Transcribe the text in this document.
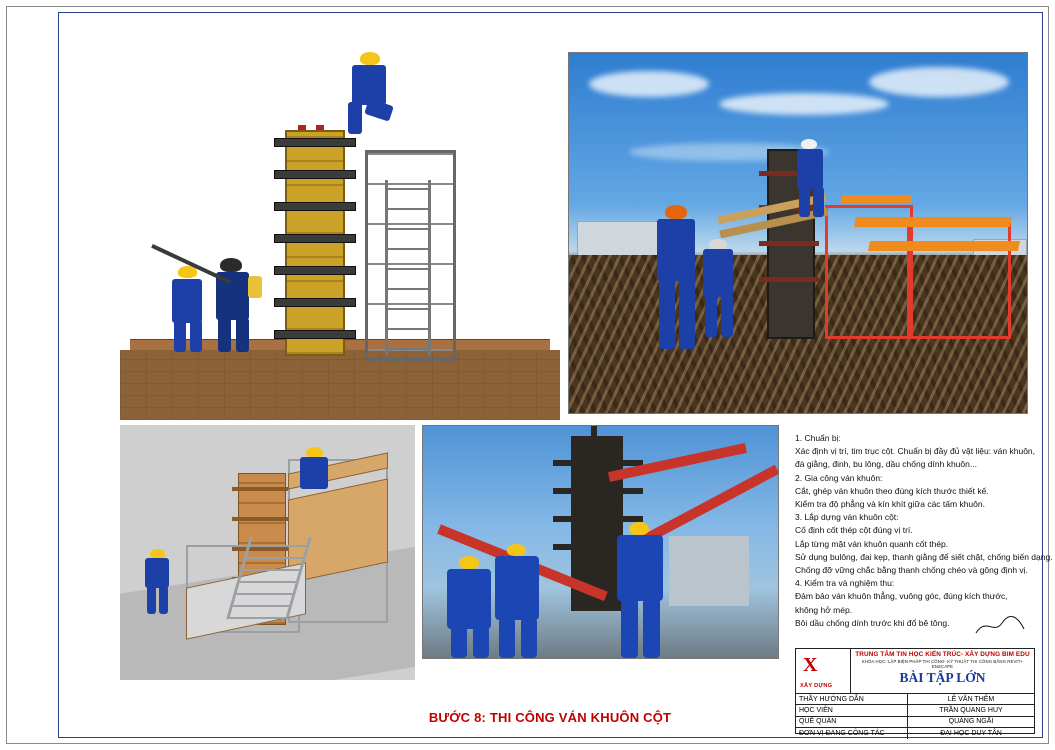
1. Chuẩn bị:
Xác định vị trí, tim trục cột. Chuẩn bị đầy đủ vật liệu: ván khuôn,
đà giằng, đinh, bu lông, dầu chống dính khuôn...
2. Gia công ván khuôn:
Cắt, ghép ván khuôn theo đúng kích thước thiết kế.
Kiểm tra độ phẳng và kín khít giữa các tấm khuôn.
3. Lắp dựng ván khuôn cột:
Cố định cốt thép cột đúng vị trí.
Lắp từng mặt ván khuôn quanh cốt thép.
Sử dụng bulông, đai kẹp, thanh giằng để siết chặt, chống biến dạng.
Chống đỡ vững chắc bằng thanh chống chéo và gông định vị.
4. Kiểm tra và nghiệm thu:
Đảm bảo ván khuôn thẳng, vuông góc, đúng kích thước,
không hở mép.
Bôi dầu chống dính trước khi đổ bê tông.
BƯỚC 8: THI CÔNG VÁN KHUÔN CỘT
X
XÂY DỰNG
TRUNG TÂM TIN HỌC KIẾN TRÚC- XÂY DỰNG BIM EDU
KHÓA HỌC: LẬP BIỆN PHÁP THI CÔNG- KỸ THUẬT THI CÔNG BẰNG REVIT+ ENSCAPE
BÀI TẬP LỚN
THẦY HƯỚNG DẪN	LÊ VĂN THÊM
HỌC VIÊN	TRẦN QUANG HUY
QUÊ QUÁN	QUẢNG NGÃI
ĐƠN VỊ ĐANG CÔNG TÁC	ĐẠI HỌC DUY TÂN
